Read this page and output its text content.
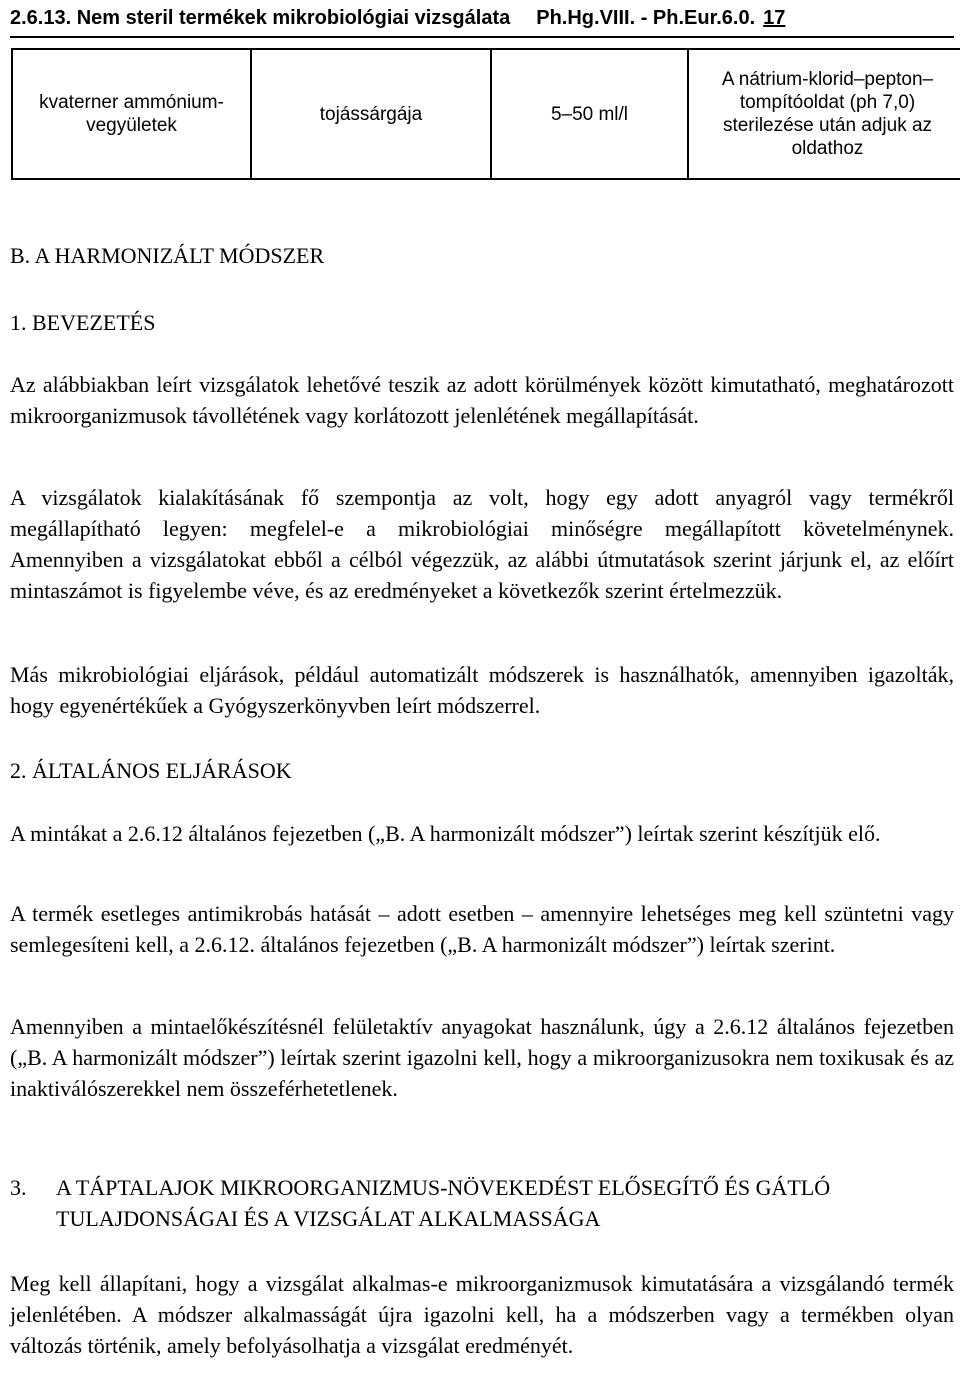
2.6.13. Nem steril termékek mikrobiológiai vizsgálata Ph.Hg.VIII. - Ph.Eur.6.0. 17
kvaterner ammónium-vegyületek	tojássárgája	5–50 ml/l	A nátrium-klorid–pepton–tompítóoldat (ph 7,0) sterilezése után adjuk az oldathoz

B. A HARMONIZÁLT MÓDSZER

1. BEVEZETÉS

Az alábbiakban leírt vizsgálatok lehetővé teszik az adott körülmények között kimutatható, meghatározott mikroorganizmusok távollétének vagy korlátozott jelenlétének megállapítását.

A vizsgálatok kialakításának fő szempontja az volt, hogy egy adott anyagról vagy termékről megállapítható legyen: megfelel-e a mikrobiológiai minőségre megállapított követelménynek. Amennyiben a vizsgálatokat ebből a célból végezzük, az alábbi útmutatások szerint járjunk el, az előírt mintaszámot is figyelembe véve, és az eredményeket a következők szerint értelmezzük.

Más mikrobiológiai eljárások, például automatizált módszerek is használhatók, amennyiben igazolták, hogy egyenértékűek a Gyógyszerkönyvben leírt módszerrel.

2. ÁLTALÁNOS ELJÁRÁSOK

A mintákat a 2.6.12 általános fejezetben („B. A harmonizált módszer”) leírtak szerint készítjük elő.

A termék esetleges antimikrobás hatását – adott esetben – amennyire lehetséges meg kell szüntetni vagy semlegesíteni kell, a 2.6.12. általános fejezetben („B. A harmonizált módszer”) leírtak szerint.

Amennyiben a mintaelőkészítésnél felületaktív anyagokat használunk, úgy a 2.6.12 általános fejezetben („B. A harmonizált módszer”) leírtak szerint igazolni kell, hogy a mikroorganizusokra nem toxikusak és az inaktiválószerekkel nem összeférhetetlenek.

3.	A TÁPTALAJOK MIKROORGANIZMUS-NÖVEKEDÉST ELŐSEGÍTŐ ÉS GÁTLÓ TULAJDONSÁGAI ÉS A VIZSGÁLAT ALKALMASSÁGA

Meg kell állapítani, hogy a vizsgálat alkalmas-e mikroorganizmusok kimutatására a vizsgálandó termék jelenlétében. A módszer alkalmasságát újra igazolni kell, ha a módszerben vagy a termékben olyan változás történik, amely befolyásolhatja a vizsgálat eredményét.
